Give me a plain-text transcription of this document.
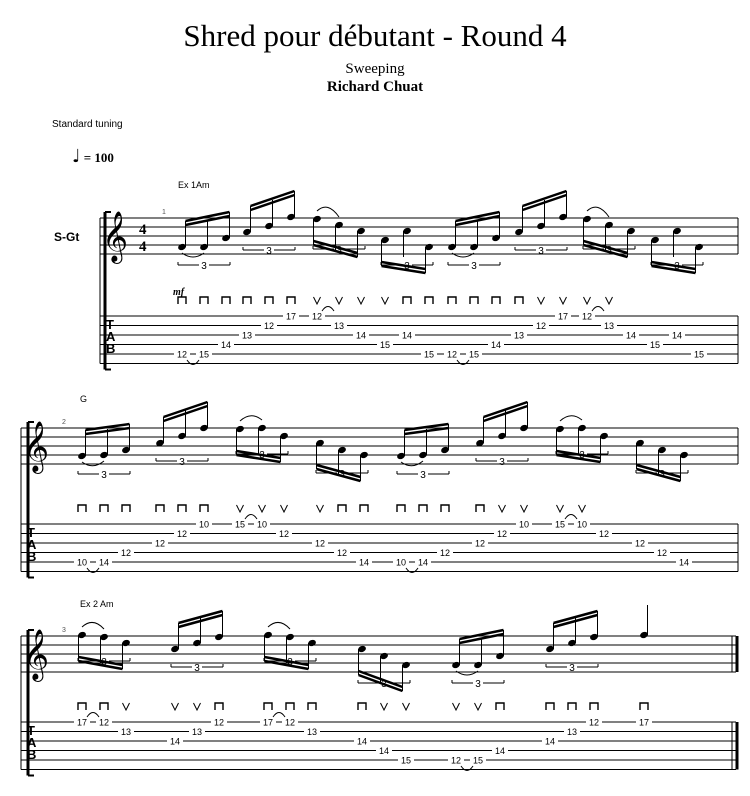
Shred pour débutant - Round 4
Sweeping
Richard Chuat
Standard tuning
♩ = 100
S-Gt 𝄞 4
4
T
A
B
1
Ex 1Am
mf
3
12 15
14
3
13
12
17
3
12
13
14
3
15
14
15
3
12 15
14
3
13
12
17
3
12
13
14
3
15
14
15
𝄞
T
A
B
2
G
3
10 14
12
3
12
12
10
3
15 10
12
3
12
12
14
3
10 14
12
3
12
12
10
3
15 10
12
3
12
12
14
𝄞
T
A
B
3
Ex 2 Am
3
17 12
13
3
14
13
12
3
17 12
13
3
14
14
15
3
12 15
14
3
14
13
12	17
